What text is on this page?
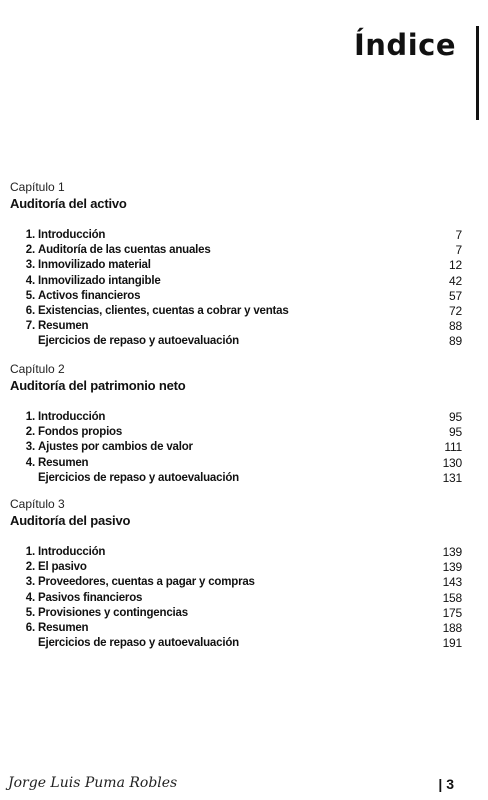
Índice
Capítulo 1
Auditoría del activo
1. Introducción	7
2. Auditoría de las cuentas anuales	7
3. Inmovilizado material	12
4. Inmovilizado intangible	42
5. Activos financieros	57
6. Existencias, clientes, cuentas a cobrar y ventas	72
7. Resumen	88
Ejercicios de repaso y autoevaluación	89
Capítulo 2
Auditoría del patrimonio neto
1. Introducción	95
2. Fondos propios	95
3. Ajustes por cambios de valor	111
4. Resumen	130
Ejercicios de repaso y autoevaluación	131
Capítulo 3
Auditoría del pasivo
1. Introducción	139
2. El pasivo	139
3. Proveedores, cuentas a pagar y compras	143
4. Pasivos financieros	158
5. Provisiones y contingencias	175
6. Resumen	188
Ejercicios de repaso y autoevaluación	191
Jorge Luis Puma Robles	| 3
